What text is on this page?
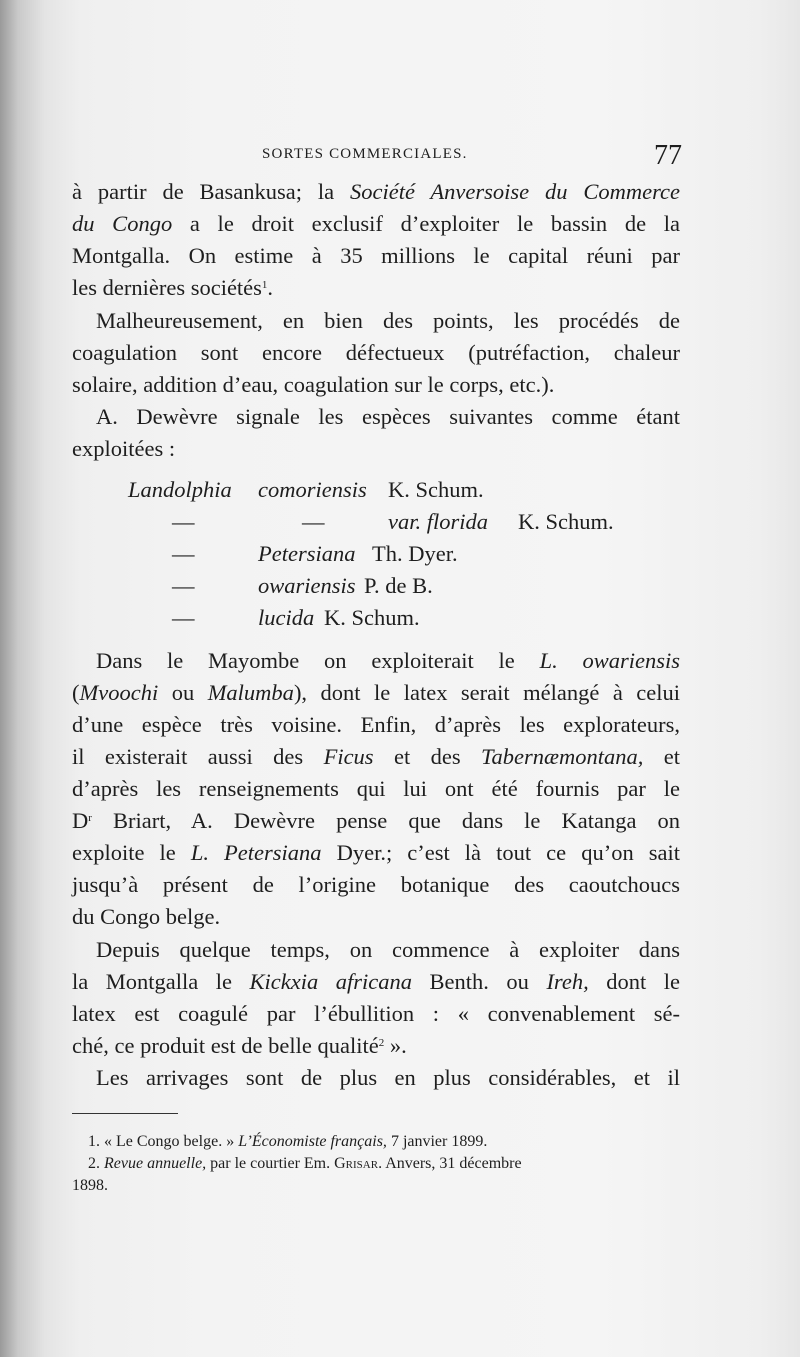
SORTES COMMERCIALES.	77
à partir de Basankusa; la Société Anversoise du Commerce
du Congo a le droit exclusif d’exploiter le bassin de la
Montgalla. On estime à 35 millions le capital réuni par
les dernières sociétés$^1$.
Malheureusement, en bien des points, les procédés de
coagulation sont encore défectueux (putréfaction, chaleur
solaire, addition d’eau, coagulation sur le corps, etc.).
A. Dewèvre signale les espèces suivantes comme étant
exploitées :
Landolphia comoriensis K. Schum.
—	—	var. florida K. Schum.
—	Petersiana Th. Dyer.
—	owariensis P. de B.
—	lucida K. Schum.
Dans le Mayombe on exploiterait le L. owariensis
(Mvoochi ou Malumba), dont le latex serait mélangé à celui
d’une espèce très voisine. Enfin, d’après les explorateurs,
il existerait aussi des Ficus et des Tabernæmontana, et
d’après les renseignements qui lui ont été fournis par le
$D^r$ Briart, A. Dewèvre pense que dans le Katanga on
exploite le L. Petersiana Dyer.; c’est là tout ce qu’on sait
jusqu’à présent de l’origine botanique des caoutchoucs
du Congo belge.
Depuis quelque temps, on commence à exploiter dans
la Montgalla le Kickxia africana Benth. ou Ireh, dont le
latex est coagulé par l’ébullition : « convenablement sé-
ché, ce produit est de belle qualité$^2$ ».
Les arrivages sont de plus en plus considérables, et il
1. « Le Congo belge. » L’Économiste français, 7 janvier 1899.
2. Revue annuelle, par le courtier Em. Grisar. Anvers, 31 décembre
1898.
